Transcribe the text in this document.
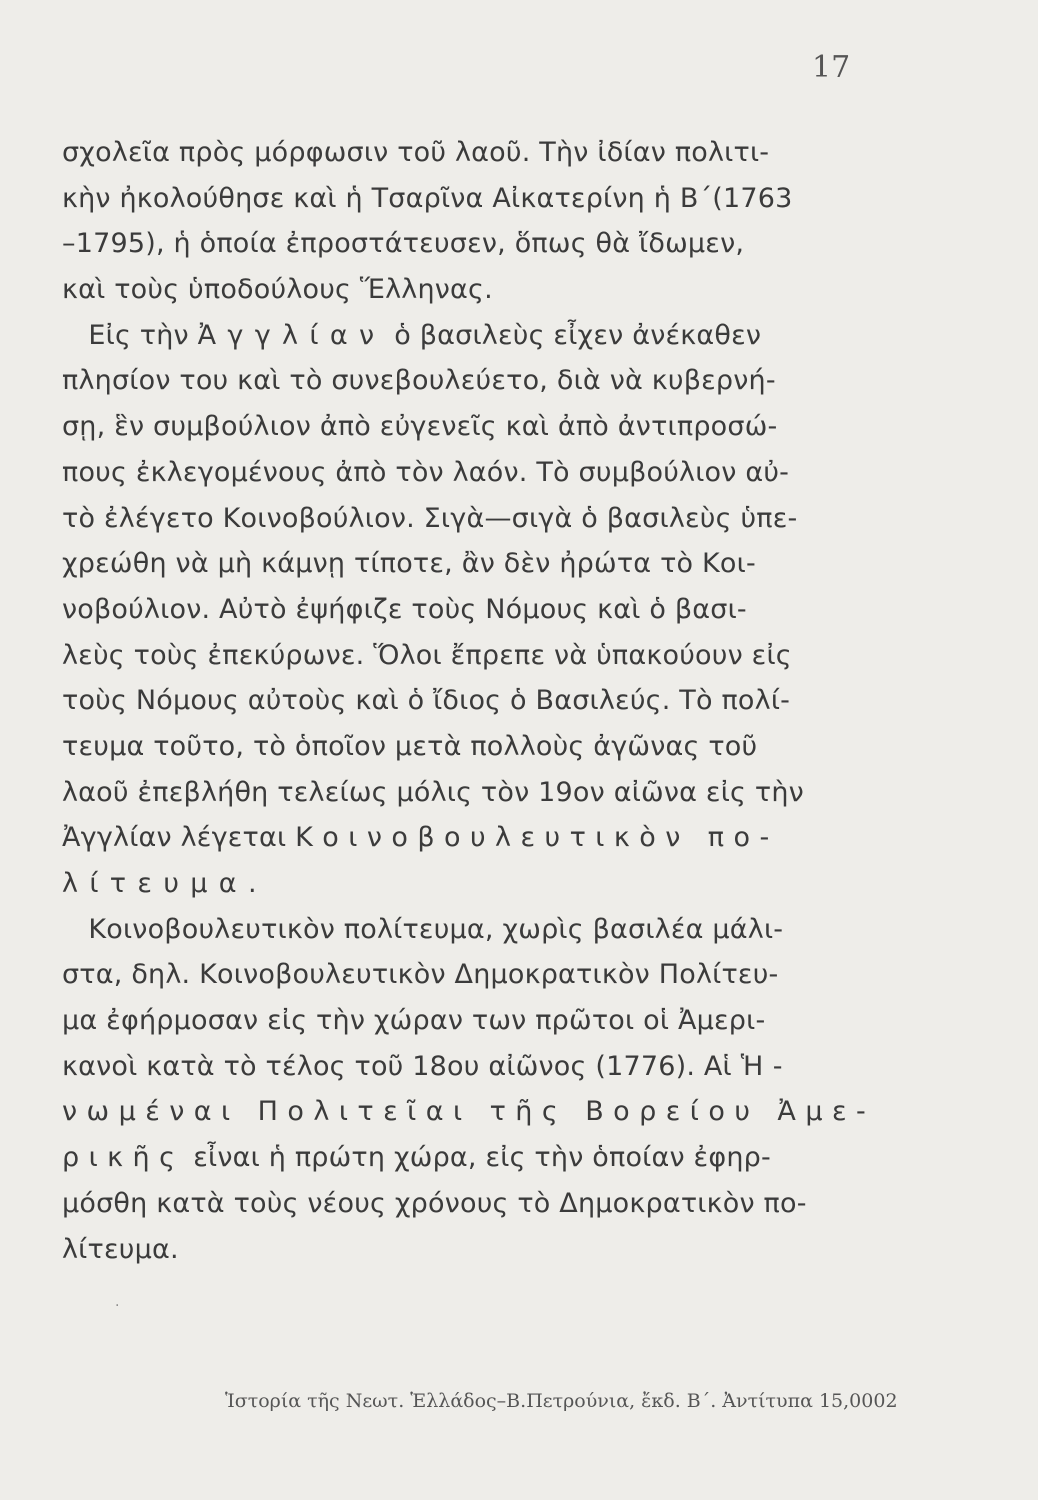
17
σχολεῖα πρὸς μόρφωσιν τοῦ λαοῦ. Τὴν ἰδίαν πολιτι-
κὴν ἠκολούθησε καὶ ἡ Τσαρῖνα Αἰκατερίνη ἡ Β΄(1763
–1795), ἡ ὁποία ἐπροστάτευσεν, ὅπως θὰ ἴδωμεν,
καὶ τοὺς ὑποδούλους Ἕλληνας.
Εἰς τὴν Ἀγγλίαν ὁ βασιλεὺς εἶχεν ἀνέκαθεν
πλησίον του καὶ τὸ συνεβουλεύετο, διὰ νὰ κυβερνή-
σῃ, ἓν συμβούλιον ἀπὸ εὐγενεῖς καὶ ἀπὸ ἀντιπροσώ-
πους ἐκλεγομένους ἀπὸ τὸν λαόν. Τὸ συμβούλιον αὐ-
τὸ ἐλέγετο Κοινοβούλιον. Σιγὰ—σιγὰ ὁ βασιλεὺς ὑπε-
χρεώθη νὰ μὴ κάμνῃ τίποτε, ἂν δὲν ἠρώτα τὸ Κοι-
νοβούλιον. Αὐτὸ ἐψήφιζε τοὺς Νόμους καὶ ὁ βασι-
λεὺς τοὺς ἐπεκύρωνε. Ὅλοι ἔπρεπε νὰ ὑπακούουν εἰς
τοὺς Νόμους αὐτοὺς καὶ ὁ ἴδιος ὁ Βασιλεύς. Τὸ πολί-
τευμα τοῦτο, τὸ ὁποῖον μετὰ πολλοὺς ἀγῶνας τοῦ
λαοῦ ἐπεβλήθη τελείως μόλις τὸν 19ον αἰῶνα εἰς τὴν
Ἀγγλίαν λέγεται Κοινοβουλευτικὸν πο-
λίτευμα.
Κοινοβουλευτικὸν πολίτευμα, χωρὶς βασιλέα μάλι-
στα, δηλ. Κοινοβουλευτικὸν Δημοκρατικὸν Πολίτευ-
μα ἐφήρμοσαν εἰς τὴν χώραν των πρῶτοι οἱ Ἀμερι-
κανοὶ κατὰ τὸ τέλος τοῦ 18ου αἰῶνος (1776). Αἱ Ἡ-
νωμέναι Πολιτεῖαι τῆς Βορείου Ἀμε-
ρικῆς εἶναι ἡ πρώτη χώρα, εἰς τὴν ὁποίαν ἐφηρ-
μόσθη κατὰ τοὺς νέους χρόνους τὸ Δημοκρατικὸν πο-
λίτευμα.
·
Ἱστορία τῆς Νεωτ. Ἑλλάδος–Β.Πετρούνια, ἔκδ. Β΄. Ἀντίτυπα 15,000 2
